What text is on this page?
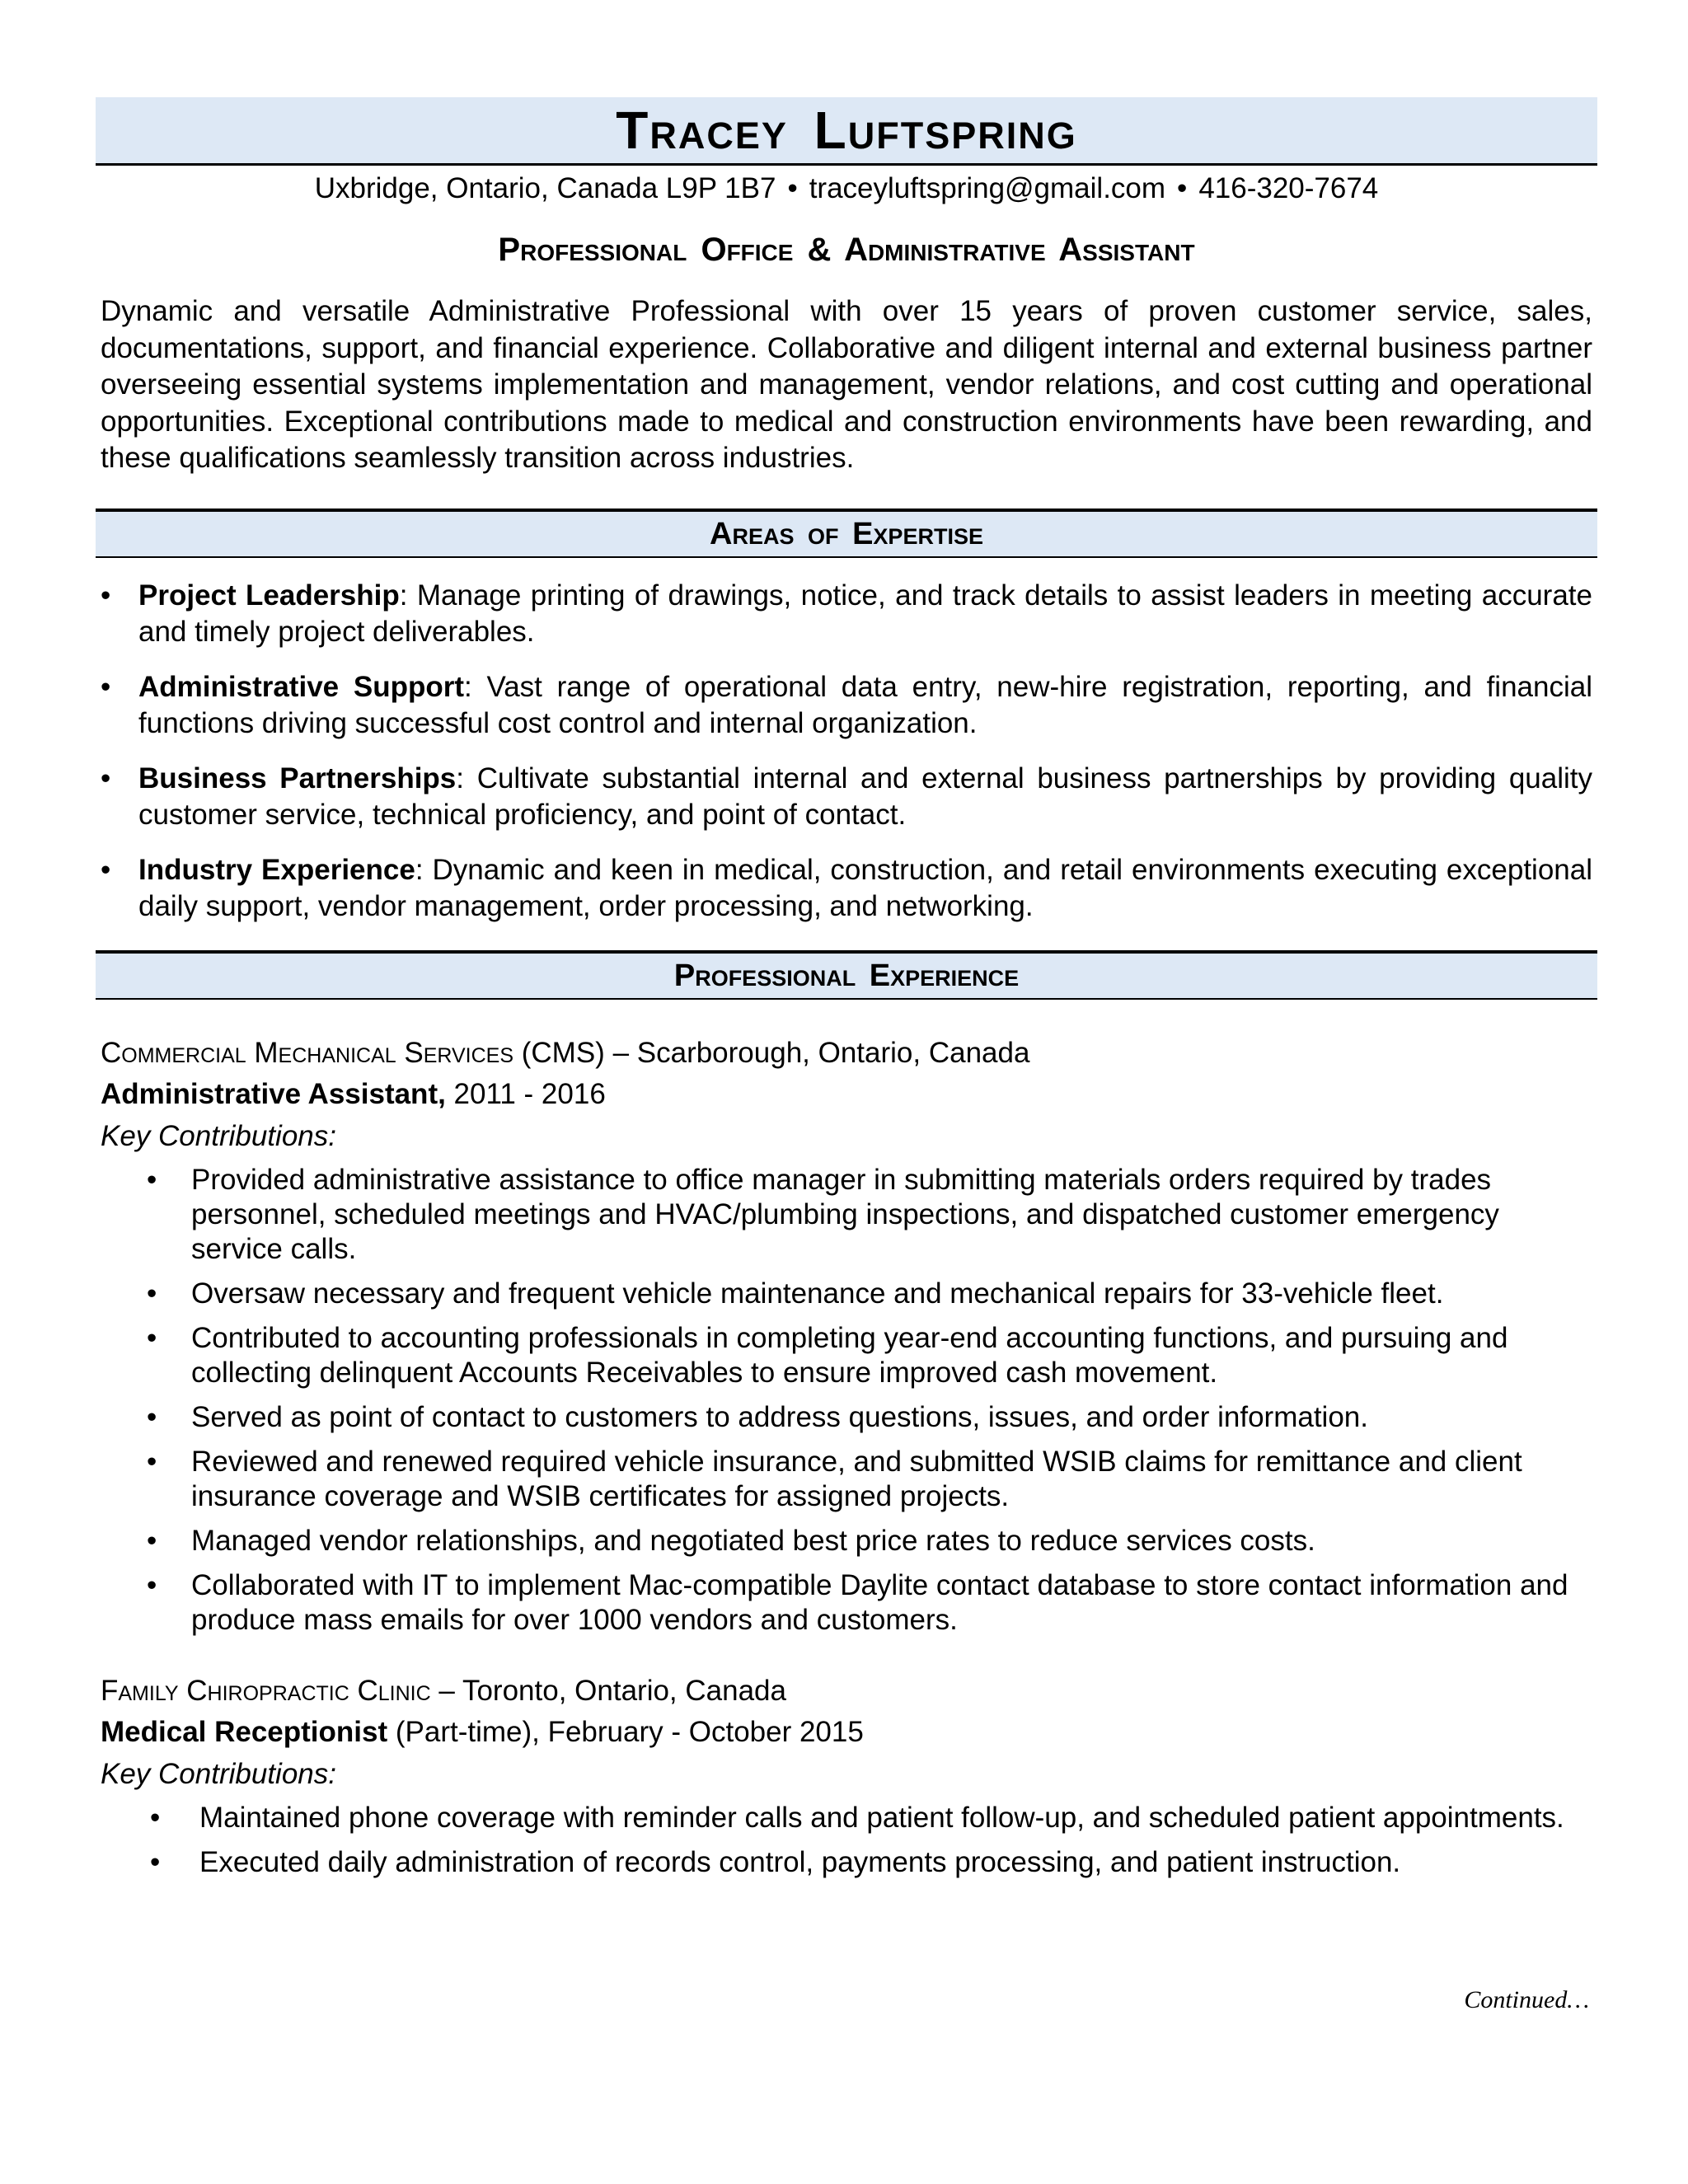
Tracey Luftspring
Uxbridge, Ontario, Canada L9P 1B7 • traceyluftspring@gmail.com • 416-320-7674
Professional Office & Administrative Assistant
Dynamic and versatile Administrative Professional with over 15 years of proven customer service, sales, documentations, support, and financial experience. Collaborative and diligent internal and external business partner overseeing essential systems implementation and management, vendor relations, and cost cutting and operational opportunities. Exceptional contributions made to medical and construction environments have been rewarding, and these qualifications seamlessly transition across industries.
Areas of Expertise
• Project Leadership: Manage printing of drawings, notice, and track details to assist leaders in meeting accurate and timely project deliverables.
• Administrative Support: Vast range of operational data entry, new-hire registration, reporting, and financial functions driving successful cost control and internal organization.
• Business Partnerships: Cultivate substantial internal and external business partnerships by providing quality customer service, technical proficiency, and point of contact.
• Industry Experience: Dynamic and keen in medical, construction, and retail environments executing exceptional daily support, vendor management, order processing, and networking.
Professional Experience
Commercial Mechanical Services (CMS) – Scarborough, Ontario, Canada
Administrative Assistant, 2011 - 2016
Key Contributions:
• Provided administrative assistance to office manager in submitting materials orders required by trades personnel, scheduled meetings and HVAC/plumbing inspections, and dispatched customer emergency service calls.
• Oversaw necessary and frequent vehicle maintenance and mechanical repairs for 33-vehicle fleet.
• Contributed to accounting professionals in completing year-end accounting functions, and pursuing and collecting delinquent Accounts Receivables to ensure improved cash movement.
• Served as point of contact to customers to address questions, issues, and order information.
• Reviewed and renewed required vehicle insurance, and submitted WSIB claims for remittance and client insurance coverage and WSIB certificates for assigned projects.
• Managed vendor relationships, and negotiated best price rates to reduce services costs.
• Collaborated with IT to implement Mac-compatible Daylite contact database to store contact information and produce mass emails for over 1000 vendors and customers.
Family Chiropractic Clinic – Toronto, Ontario, Canada
Medical Receptionist (Part-time), February - October 2015
Key Contributions:
• Maintained phone coverage with reminder calls and patient follow-up, and scheduled patient appointments.
• Executed daily administration of records control, payments processing, and patient instruction.
Continued…
